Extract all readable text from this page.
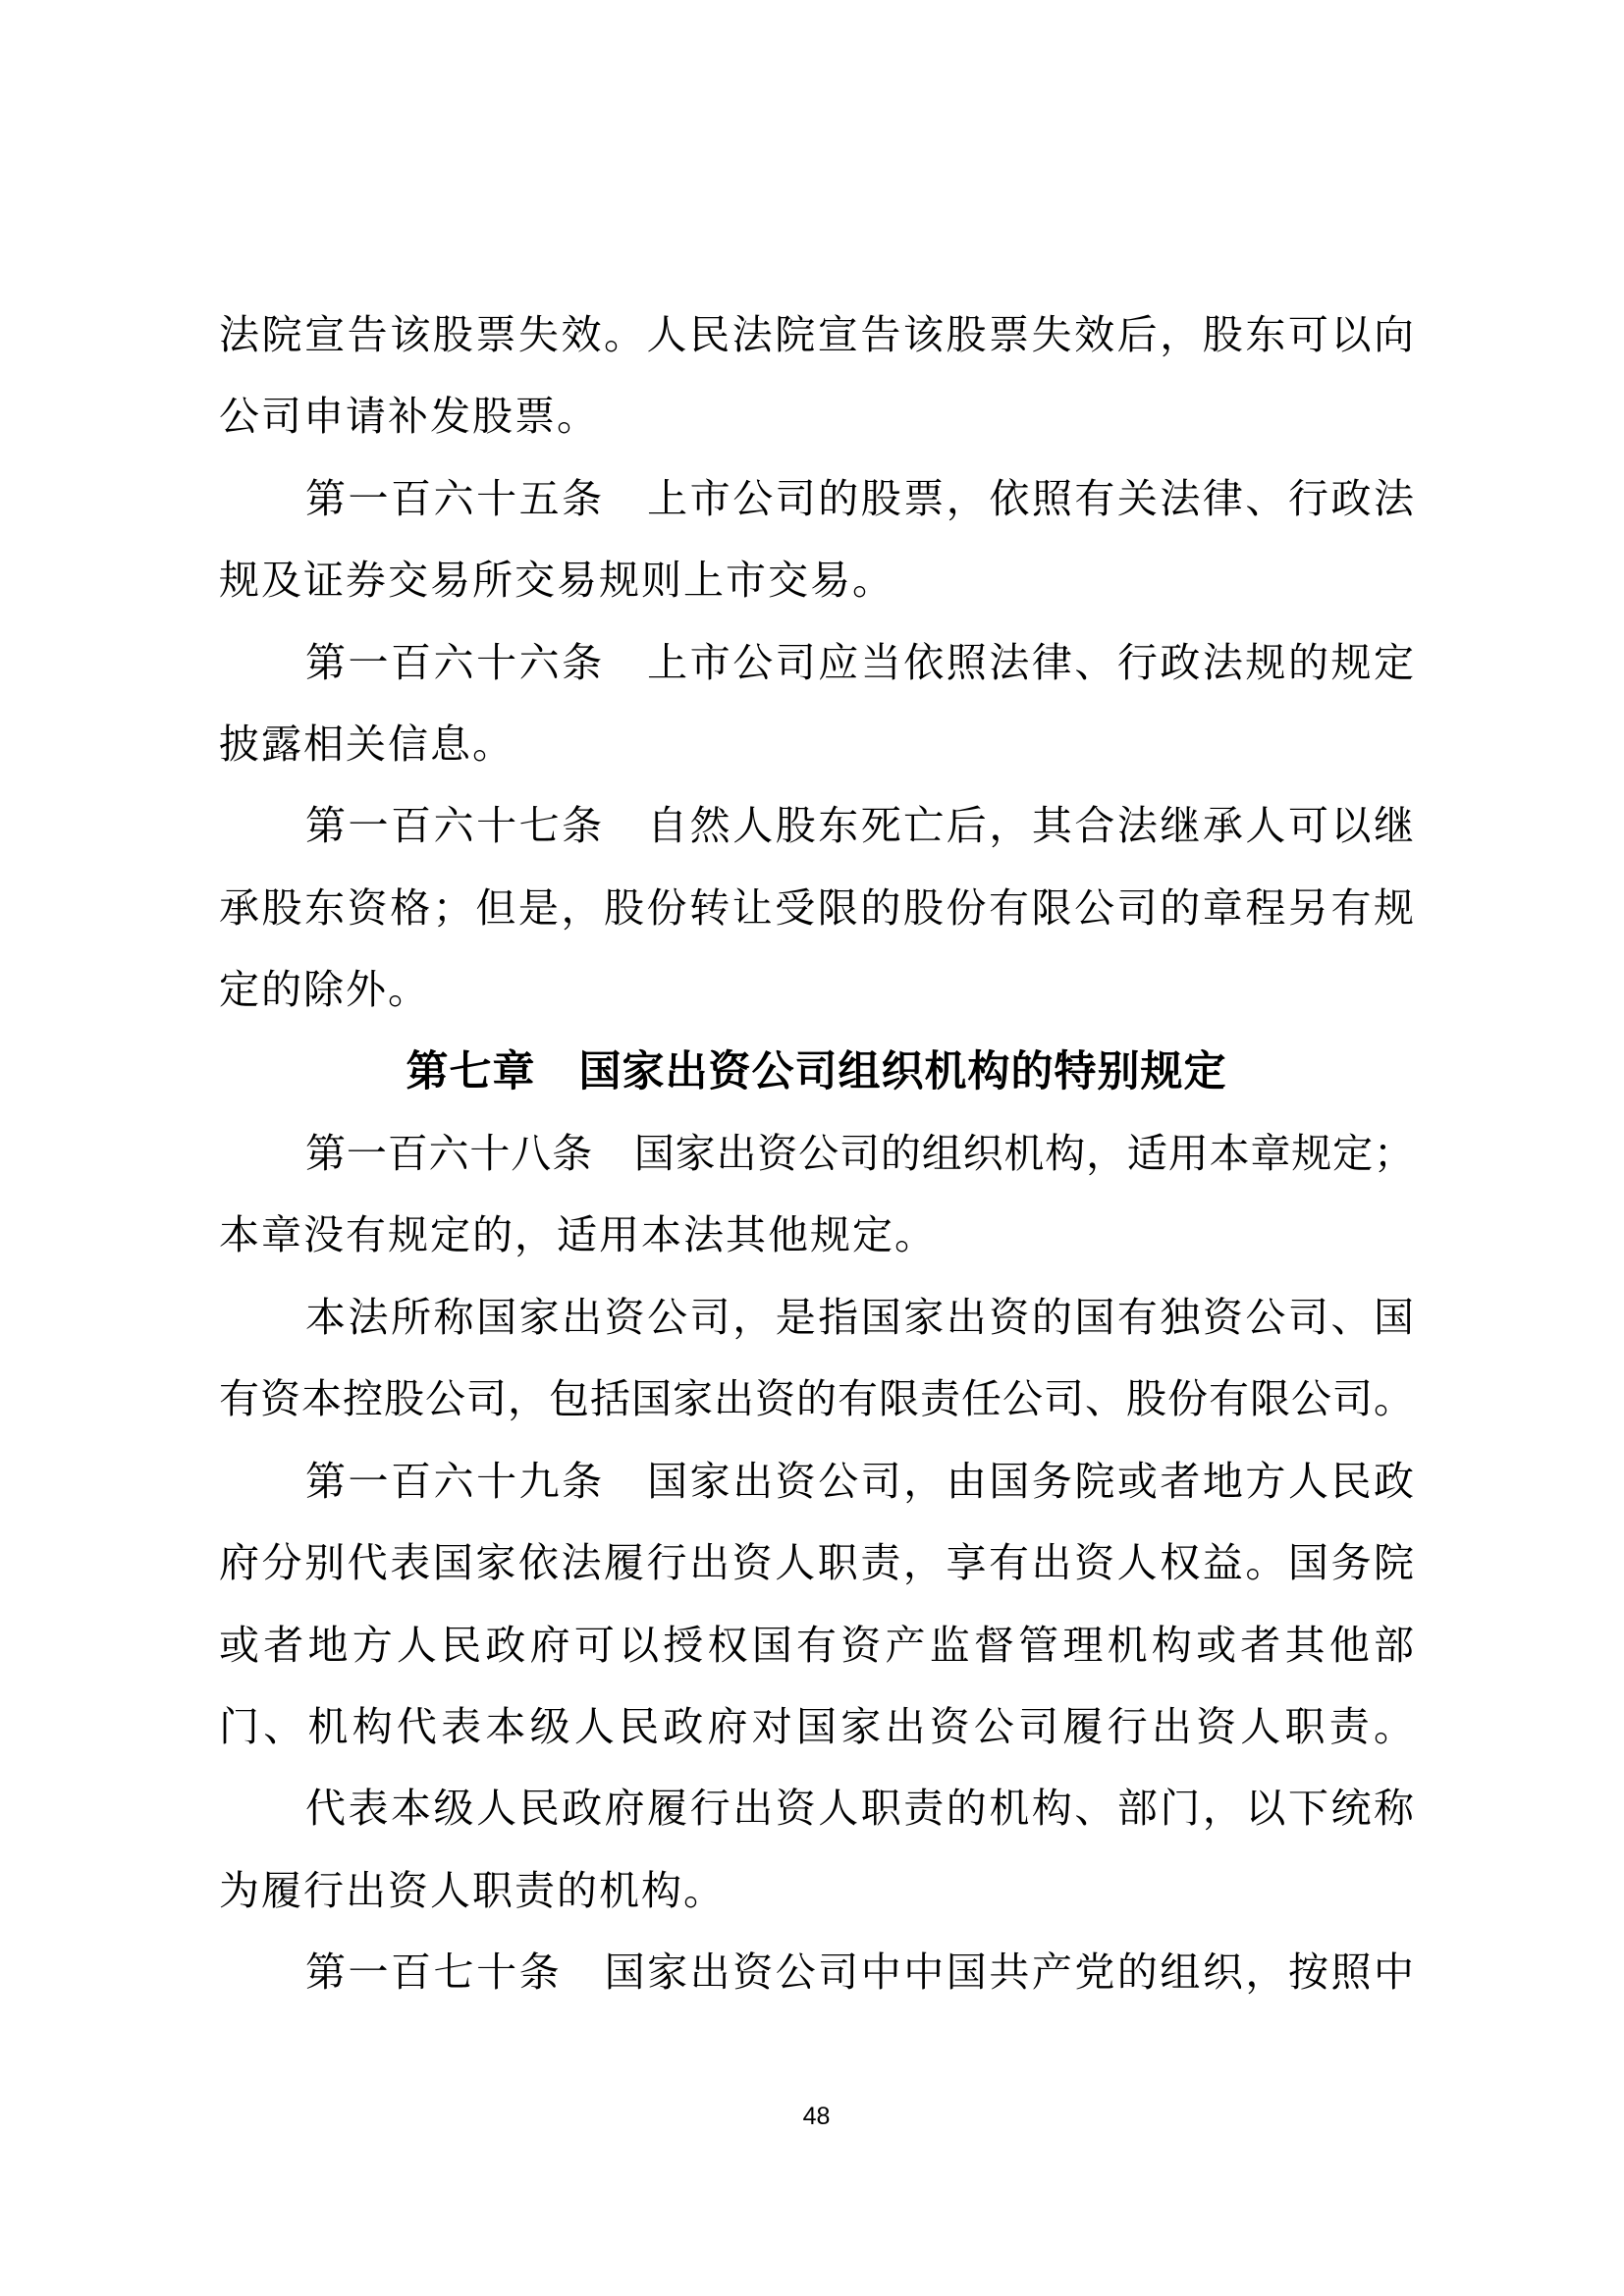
法院宣告该股票失效。人民法院宣告该股票失效后，股东可以向

公司申请补发股票。

第一百六十五条　上市公司的股票，依照有关法律、行政法

规及证券交易所交易规则上市交易。

第一百六十六条　上市公司应当依照法律、行政法规的规定

披露相关信息。

第一百六十七条　自然人股东死亡后，其合法继承人可以继

承股东资格；但是，股份转让受限的股份有限公司的章程另有规

定的除外。

第七章　国家出资公司组织机构的特别规定

第一百六十八条　国家出资公司的组织机构，适用本章规定；

本章没有规定的，适用本法其他规定。

本法所称国家出资公司，是指国家出资的国有独资公司、国

有资本控股公司，包括国家出资的有限责任公司、股份有限公司。

第一百六十九条　国家出资公司，由国务院或者地方人民政

府分别代表国家依法履行出资人职责，享有出资人权益。国务院

或者地方人民政府可以授权国有资产监督管理机构或者其他部

门、机构代表本级人民政府对国家出资公司履行出资人职责。

代表本级人民政府履行出资人职责的机构、部门，以下统称

为履行出资人职责的机构。

第一百七十条　国家出资公司中中国共产党的组织，按照中

48
